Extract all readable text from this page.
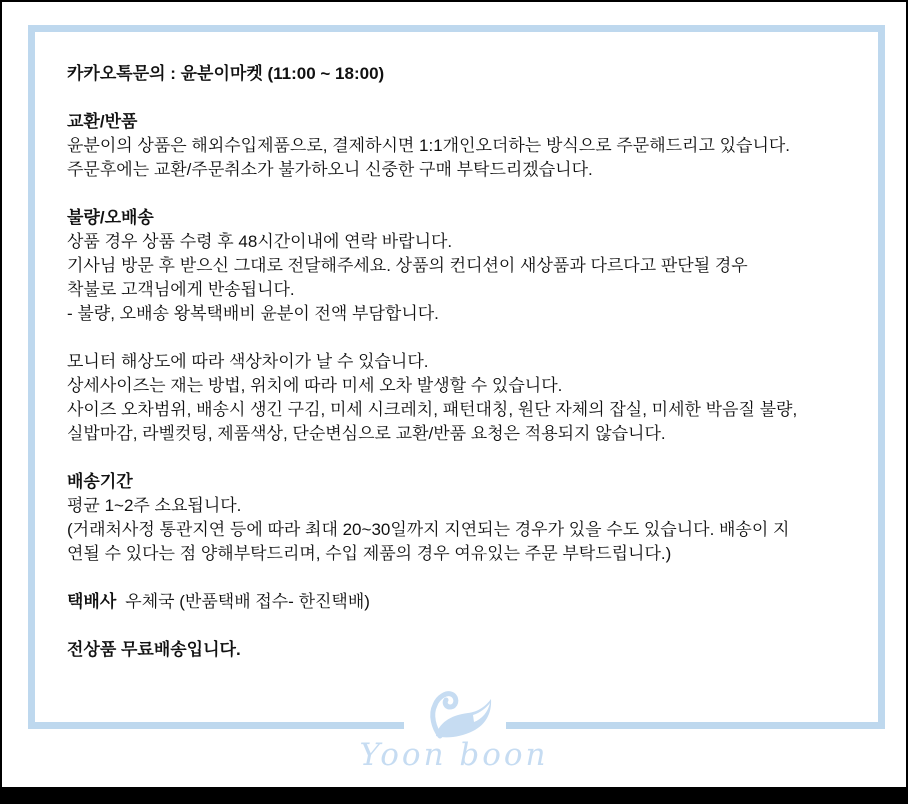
카카오톡문의 : 윤분이마켓 (11:00 ~ 18:00)

교환/반품
윤분이의 상품은 해외수입제품으로, 결제하시면 1:1개인오더하는 방식으로 주문해드리고 있습니다.
주문후에는 교환/주문취소가 불가하오니 신중한 구매 부탁드리겠습니다.
불량/오배송
상품 경우 상품 수령 후 48시간이내에 연락 바랍니다.
기사님 방문 후 받으신 그대로 전달해주세요. 상품의 컨디션이 새상품과 다르다고 판단될 경우
착불로 고객님에게 반송됩니다.
- 불량, 오배송 왕복택배비 윤분이 전액 부담합니다.
모니터 해상도에 따라 색상차이가 날 수 있습니다.
상세사이즈는 재는 방법, 위치에 따라 미세 오차 발생할 수 있습니다.
사이즈 오차범위, 배송시 생긴 구김, 미세 시크레치, 패턴대칭, 원단 자체의 잡실, 미세한 박음질 불량,
실밥마감, 라벨컷팅, 제품색상, 단순변심으로 교환/반품 요청은 적용되지 않습니다.
배송기간
평균 1~2주 소요됩니다.
(거래처사정 통관지연 등에 따라 최대 20~30일까지 지연되는 경우가 있을 수도 있습니다. 배송이 지
연될 수 있다는 점 양해부탁드리며, 수입 제품의 경우 여유있는 주문 부탁드립니다.)
택배사 우체국 (반품택배 접수- 한진택배)

전상품 무료배송입니다.

Yoon boon
